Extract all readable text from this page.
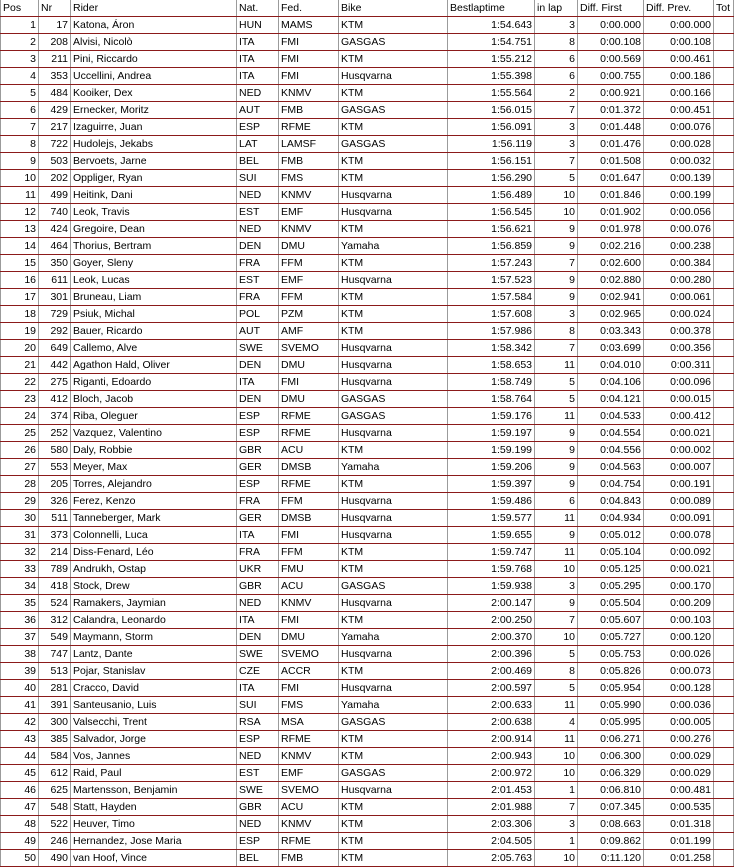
Pos	Nr	Rider	Nat.	Fed.	Bike	Bestlaptime	in lap	Diff. First	Diff. Prev.	Tot
1	17	Katona, Áron	HUN	MAMS	KTM	1:54.643	3	0:00.000	0:00.000	
2	208	Alvisi, Nicolò	ITA	FMI	GASGAS	1:54.751	8	0:00.108	0:00.108	
3	211	Pini, Riccardo	ITA	FMI	KTM	1:55.212	6	0:00.569	0:00.461	
4	353	Uccellini, Andrea	ITA	FMI	Husqvarna	1:55.398	6	0:00.755	0:00.186	
5	484	Kooiker, Dex	NED	KNMV	KTM	1:55.564	2	0:00.921	0:00.166	
6	429	Ernecker, Moritz	AUT	FMB	GASGAS	1:56.015	7	0:01.372	0:00.451	
7	217	Izaguirre, Juan	ESP	RFME	KTM	1:56.091	3	0:01.448	0:00.076	
8	722	Hudolejs, Jekabs	LAT	LAMSF	GASGAS	1:56.119	3	0:01.476	0:00.028	
9	503	Bervoets, Jarne	BEL	FMB	KTM	1:56.151	7	0:01.508	0:00.032	
10	202	Oppliger, Ryan	SUI	FMS	KTM	1:56.290	5	0:01.647	0:00.139	
11	499	Heitink, Dani	NED	KNMV	Husqvarna	1:56.489	10	0:01.846	0:00.199	
12	740	Leok, Travis	EST	EMF	Husqvarna	1:56.545	10	0:01.902	0:00.056	
13	424	Gregoire, Dean	NED	KNMV	KTM	1:56.621	9	0:01.978	0:00.076	
14	464	Thorius, Bertram	DEN	DMU	Yamaha	1:56.859	9	0:02.216	0:00.238	
15	350	Goyer, Sleny	FRA	FFM	KTM	1:57.243	7	0:02.600	0:00.384	
16	611	Leok, Lucas	EST	EMF	Husqvarna	1:57.523	9	0:02.880	0:00.280	
17	301	Bruneau, Liam	FRA	FFM	KTM	1:57.584	9	0:02.941	0:00.061	
18	729	Psiuk, Michal	POL	PZM	KTM	1:57.608	3	0:02.965	0:00.024	
19	292	Bauer, Ricardo	AUT	AMF	KTM	1:57.986	8	0:03.343	0:00.378	
20	649	Callemo, Alve	SWE	SVEMO	Husqvarna	1:58.342	7	0:03.699	0:00.356	
21	442	Agathon Hald, Oliver	DEN	DMU	Husqvarna	1:58.653	11	0:04.010	0:00.311	
22	275	Riganti, Edoardo	ITA	FMI	Husqvarna	1:58.749	5	0:04.106	0:00.096	
23	412	Bloch, Jacob	DEN	DMU	GASGAS	1:58.764	5	0:04.121	0:00.015	
24	374	Riba, Oleguer	ESP	RFME	GASGAS	1:59.176	11	0:04.533	0:00.412	
25	252	Vazquez, Valentino	ESP	RFME	Husqvarna	1:59.197	9	0:04.554	0:00.021	
26	580	Daly, Robbie	GBR	ACU	KTM	1:59.199	9	0:04.556	0:00.002	
27	553	Meyer, Max	GER	DMSB	Yamaha	1:59.206	9	0:04.563	0:00.007	
28	205	Torres, Alejandro	ESP	RFME	KTM	1:59.397	9	0:04.754	0:00.191	
29	326	Ferez, Kenzo	FRA	FFM	Husqvarna	1:59.486	6	0:04.843	0:00.089	
30	511	Tanneberger, Mark	GER	DMSB	Husqvarna	1:59.577	11	0:04.934	0:00.091	
31	373	Colonnelli, Luca	ITA	FMI	Husqvarna	1:59.655	9	0:05.012	0:00.078	
32	214	Diss-Fenard, Léo	FRA	FFM	KTM	1:59.747	11	0:05.104	0:00.092	
33	789	Andrukh, Ostap	UKR	FMU	KTM	1:59.768	10	0:05.125	0:00.021	
34	418	Stock, Drew	GBR	ACU	GASGAS	1:59.938	3	0:05.295	0:00.170	
35	524	Ramakers, Jaymian	NED	KNMV	Husqvarna	2:00.147	9	0:05.504	0:00.209	
36	312	Calandra, Leonardo	ITA	FMI	KTM	2:00.250	7	0:05.607	0:00.103	
37	549	Maymann, Storm	DEN	DMU	Yamaha	2:00.370	10	0:05.727	0:00.120	
38	747	Lantz, Dante	SWE	SVEMO	Husqvarna	2:00.396	5	0:05.753	0:00.026	
39	513	Pojar, Stanislav	CZE	ACCR	KTM	2:00.469	8	0:05.826	0:00.073	
40	281	Cracco, David	ITA	FMI	Husqvarna	2:00.597	5	0:05.954	0:00.128	
41	391	Santeusanio, Luis	SUI	FMS	Yamaha	2:00.633	11	0:05.990	0:00.036	
42	300	Valsecchi, Trent	RSA	MSA	GASGAS	2:00.638	4	0:05.995	0:00.005	
43	385	Salvador, Jorge	ESP	RFME	KTM	2:00.914	11	0:06.271	0:00.276	
44	584	Vos, Jannes	NED	KNMV	KTM	2:00.943	10	0:06.300	0:00.029	
45	612	Raid, Paul	EST	EMF	GASGAS	2:00.972	10	0:06.329	0:00.029	
46	625	Martensson, Benjamin	SWE	SVEMO	Husqvarna	2:01.453	1	0:06.810	0:00.481	
47	548	Statt, Hayden	GBR	ACU	KTM	2:01.988	7	0:07.345	0:00.535	
48	522	Heuver, Timo	NED	KNMV	KTM	2:03.306	3	0:08.663	0:01.318	
49	246	Hernandez, Jose Maria	ESP	RFME	KTM	2:04.505	1	0:09.862	0:01.199	
50	490	van Hoof, Vince	BEL	FMB	KTM	2:05.763	10	0:11.120	0:01.258	
